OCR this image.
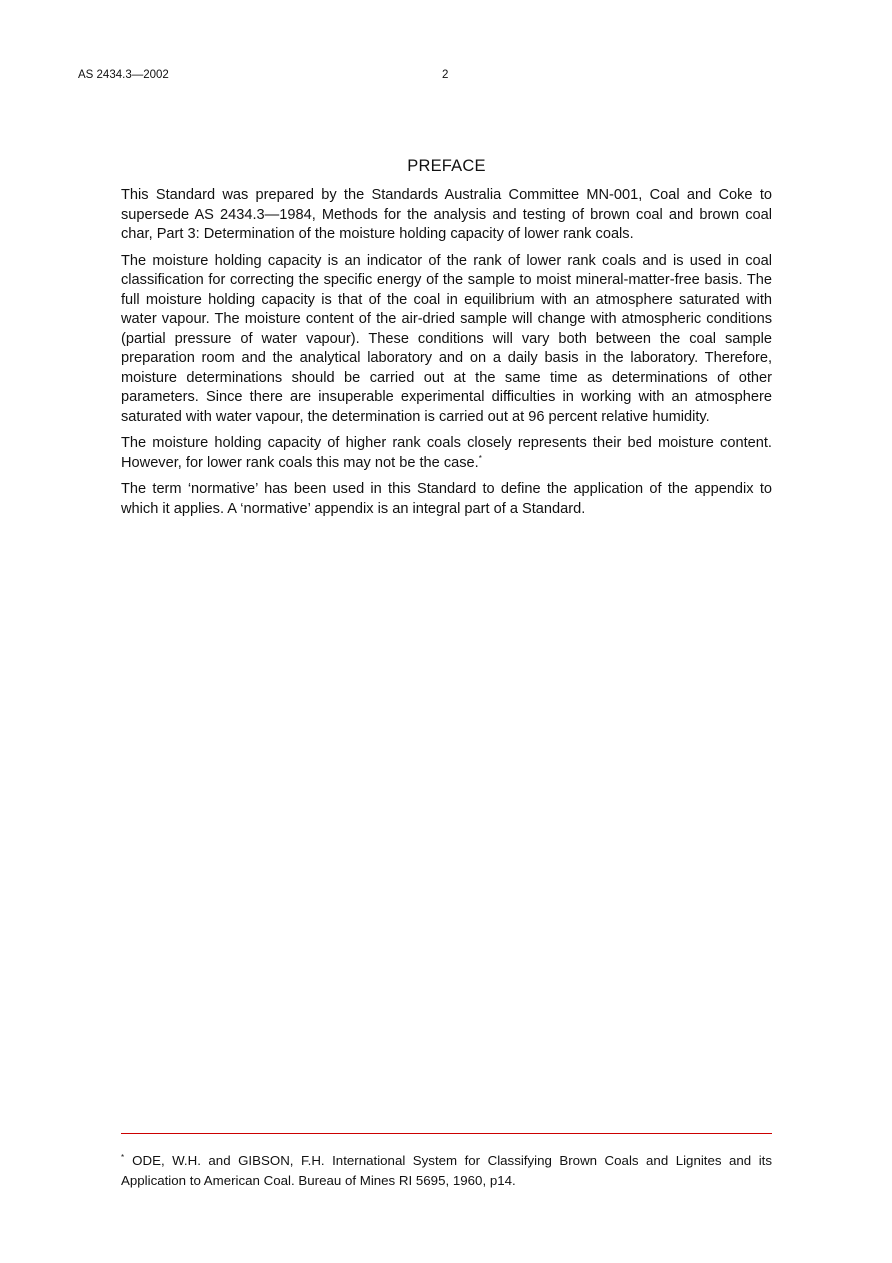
AS 2434.3—2002	2
PREFACE

This Standard was prepared by the Standards Australia Committee MN-001, Coal and Coke to supersede AS 2434.3—1984, Methods for the analysis and testing of brown coal and brown coal char, Part 3: Determination of the moisture holding capacity of lower rank coals.

The moisture holding capacity is an indicator of the rank of lower rank coals and is used in coal classification for correcting the specific energy of the sample to moist mineral-matter-free basis. The full moisture holding capacity is that of the coal in equilibrium with an atmosphere saturated with water vapour. The moisture content of the air-dried sample will change with atmospheric conditions (partial pressure of water vapour). These conditions will vary both between the coal sample preparation room and the analytical laboratory and on a daily basis in the laboratory. Therefore, moisture determinations should be carried out at the same time as determinations of other parameters. Since there are insuperable experimental difficulties in working with an atmosphere saturated with water vapour, the determination is carried out at 96 percent relative humidity.

The moisture holding capacity of higher rank coals closely represents their bed moisture content. However, for lower rank coals this may not be the case.*

The term ‘normative’ has been used in this Standard to define the application of the appendix to which it applies. A ‘normative’ appendix is an integral part of a Standard.

* ODE, W.H. and GIBSON, F.H. International System for Classifying Brown Coals and Lignites and its Application to American Coal. Bureau of Mines RI 5695, 1960, p14.
